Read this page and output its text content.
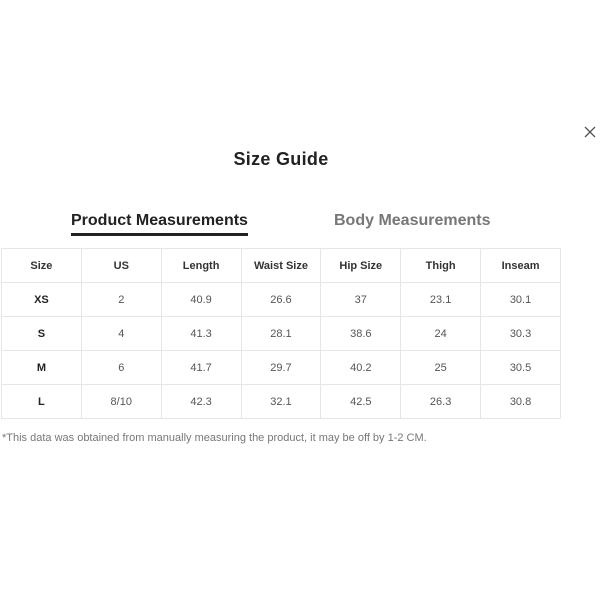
Size Guide
Product Measurements	Body Measurements
Size	US	Length	Waist Size	Hip Size	Thigh	Inseam
XS	2	40.9	26.6	37	23.1	30.1
S	4	41.3	28.1	38.6	24	30.3
M	6	41.7	29.7	40.2	25	30.5
L	8/10	42.3	32.1	42.5	26.3	30.8
*This data was obtained from manually measuring the product, it may be off by 1-2 CM.
